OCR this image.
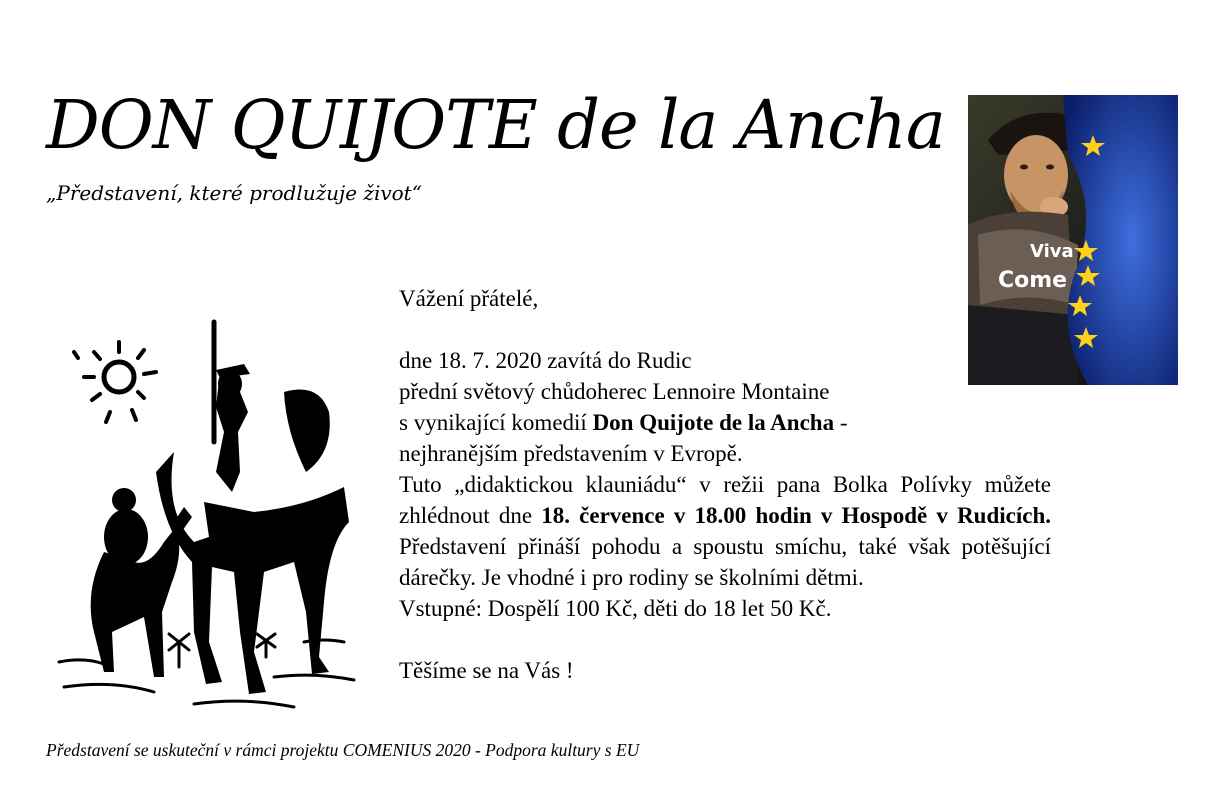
DON QUIJOTE de la Ancha
„Představení, které prodlužuje život“
Viva
Come

Vážení přátelé,

dne 18. 7. 2020 zavítá do Rudic

přední světový chůdoherec Lennoire Montaine

s vynikající komedií Don Quijote de la Ancha -

nejhranějším představením v Evropě.

Tuto „didaktickou klauniádu“ v režii pana Bolka Polívky můžete zhlédnout dne 18. července v 18.00 hodin v Hospodě v Rudicích. Představení přináší pohodu a spoustu smíchu, také však potěšující dárečky. Je vhodné i pro rodiny se školními dětmi.

Vstupné: Dospělí 100 Kč, děti do 18 let 50 Kč.

Těšíme se na Vás !

Představení se uskuteční v rámci projektu COMENIUS 2020 - Podpora kultury s EU
